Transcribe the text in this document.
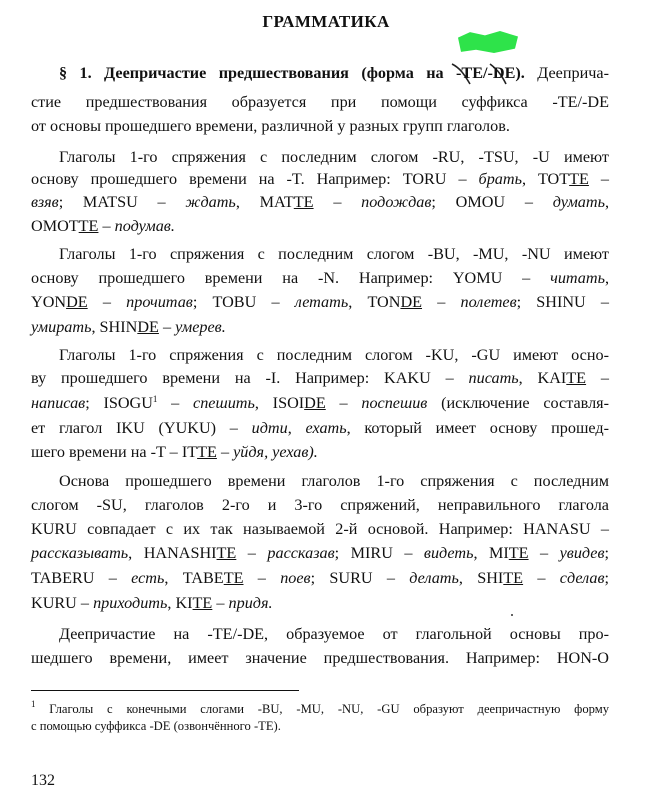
ГРАММАТИКА
§ 1. Деепричастие предшествования (форма на -TE/-DE). Дееприча-
стие предшествования образуется при помощи суффикса -TE/-DE
от основы прошедшего времени, различной у разных групп глаголов.
Глаголы 1-го спряжения с последним слогом -RU, -TSU, -U имеют
основу прошедшего времени на -T. Например: TORU – брать, TOTTE –
взяв; MATSU – ждать, MATTE – подождав; OMOU – думать,
OMOTTE – подумав.
Глаголы 1-го спряжения с последним слогом -BU, -MU, -NU имеют
основу прошедшего времени на -N. Например: YOMU – читать,
YONDE – прочитав; TOBU – летать, TONDE – полетев; SHINU –
умирать, SHINDE – умерев.
Глаголы 1-го спряжения с последним слогом -KU, -GU имеют осно-
ву прошедшего времени на -I. Например: KAKU – писать, KAITE –
написав; ISOGU$^1$ – спешить, ISOIDE – поспешив (исключение составля-
ет глагол IKU (YUKU) – идти, ехать, который имеет основу прошед-
шего времени на -T – ITTE – уйдя, уехав).
Основа прошедшего времени глаголов 1-го спряжения с последним
слогом -SU, глаголов 2-го и 3-го спряжений, неправильного глагола
KURU совпадает с их так называемой 2-й основой. Например: HANASU –
рассказывать, HANASHITE – рассказав; MIRU – видеть, MITE – увидев;
TABERU – есть, TABETE – поев; SURU – делать, SHITE – сделав;
KURU – приходить, KITE – придя.
Деепричастие на -TE/-DE, образуемое от глагольной основы про-
шедшего времени, имеет значение предшествования. Например: HON-O
$^1$ Глаголы с конечными слогами -BU, -MU, -NU, -GU образуют деепричастную форму
с помощью суффикса -DE (озвончённого -TE).
132
